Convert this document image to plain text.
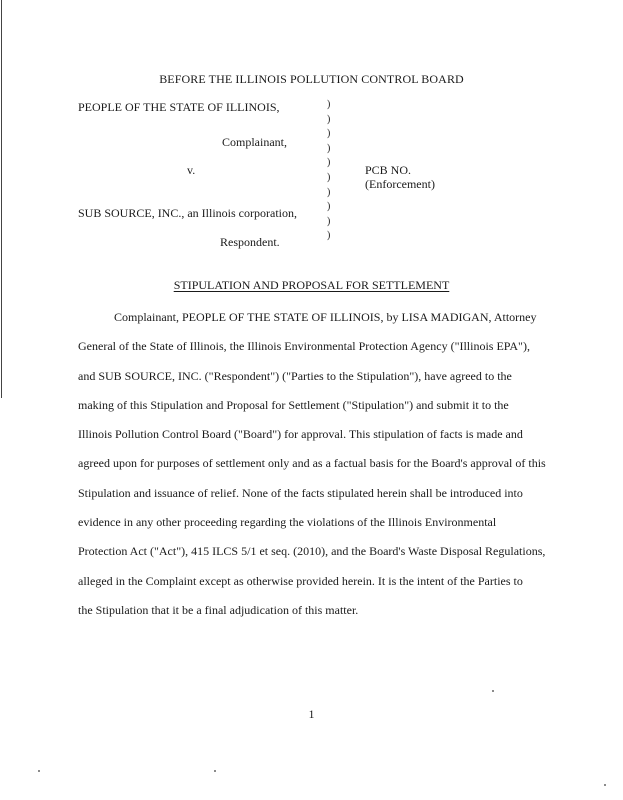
BEFORE THE ILLINOIS POLLUTION CONTROL BOARD
PEOPLE OF THE STATE OF ILLINOIS,
Complainant,
v.
SUB SOURCE, INC., an Illinois corporation,
Respondent.
)
)
)
)
)
)
)
)
)
)
PCB NO.
(Enforcement)
STIPULATION AND PROPOSAL FOR SETTLEMENT
Complainant, PEOPLE OF THE STATE OF ILLINOIS, by LISA MADIGAN, Attorney
General of the State of Illinois, the Illinois Environmental Protection Agency ("Illinois EPA"),
and SUB SOURCE, INC. ("Respondent") ("Parties to the Stipulation"), have agreed to the
making of this Stipulation and Proposal for Settlement ("Stipulation") and submit it to the
Illinois Pollution Control Board ("Board") for approval. This stipulation of facts is made and
agreed upon for purposes of settlement only and as a factual basis for the Board's approval of this
Stipulation and issuance of relief. None of the facts stipulated herein shall be introduced into
evidence in any other proceeding regarding the violations of the Illinois Environmental
Protection Act ("Act"), 415 ILCS 5/1 et seq. (2010), and the Board's Waste Disposal Regulations,
alleged in the Complaint except as otherwise provided herein. It is the intent of the Parties to
the Stipulation that it be a final adjudication of this matter.
1
